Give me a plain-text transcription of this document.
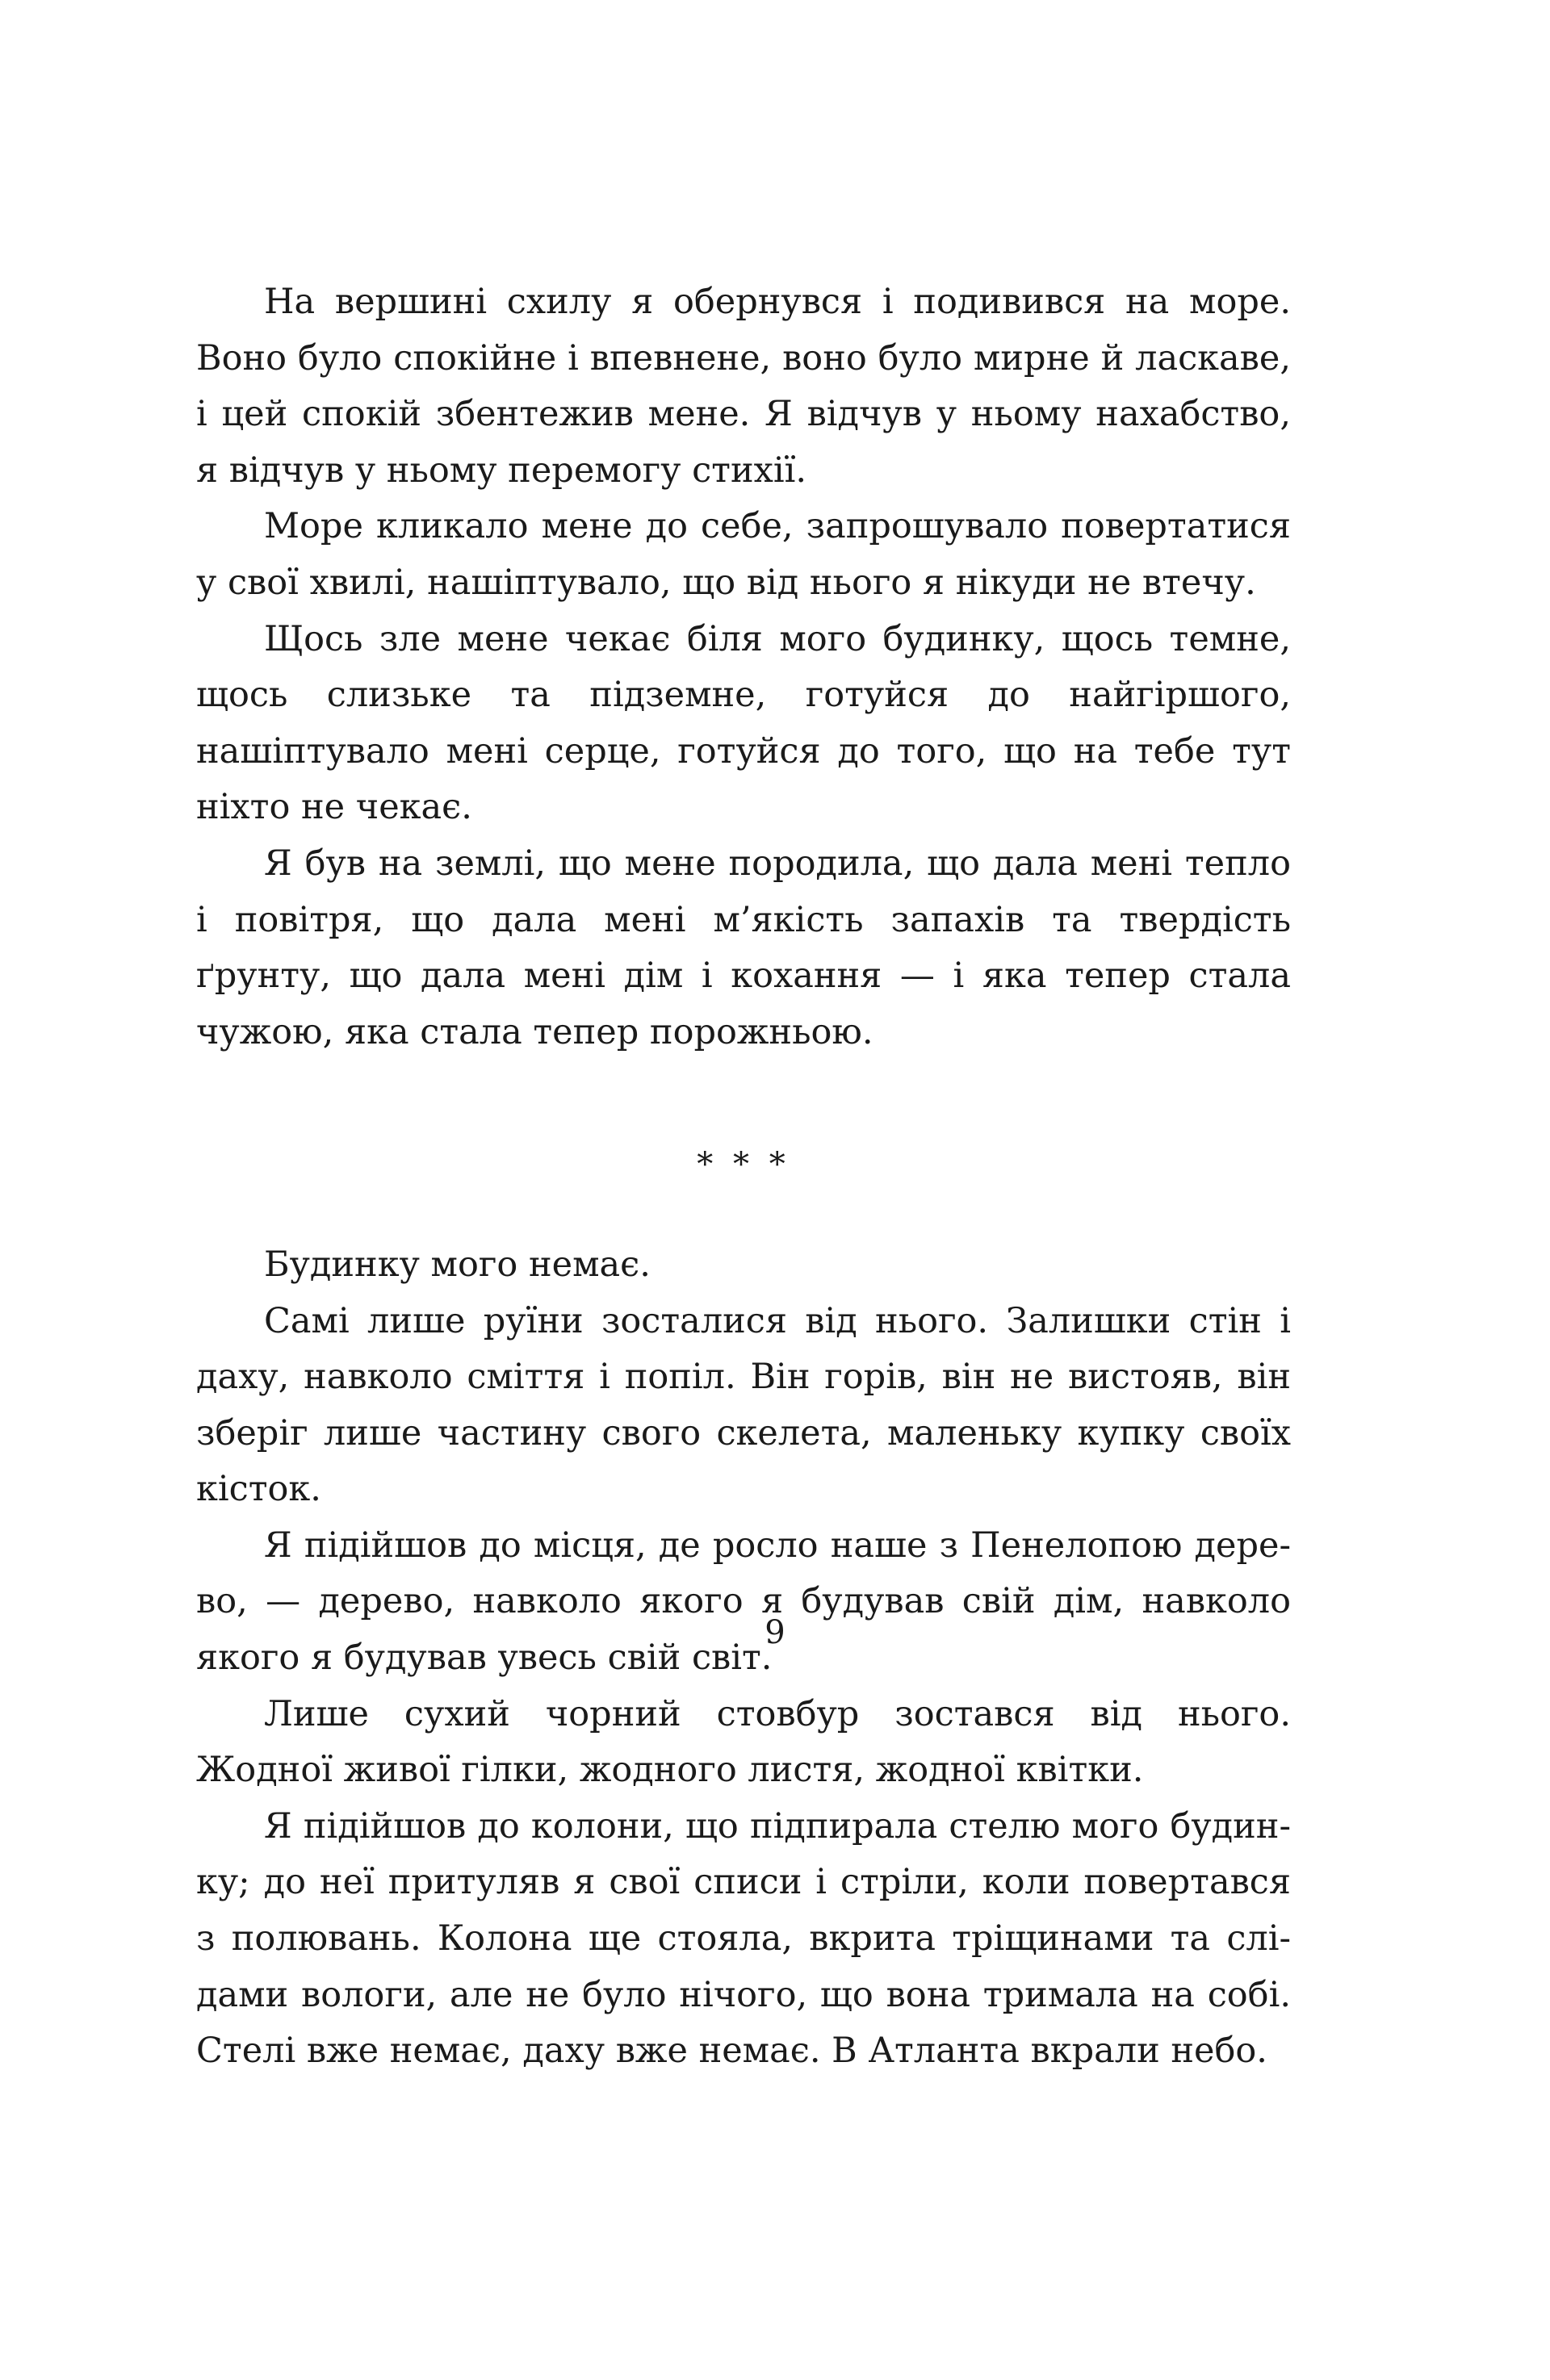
На вершині схилу я обернувся і подивився на море. Воно було спокійне і впевнене, воно було мирне й ласкаве, і цей спокій збентежив мене. Я відчув у ньому нахабство, я відчув у ньому перемогу стихії.

Море кликало мене до себе, запрошувало повертатися у свої хвилі, нашіптувало, що від нього я нікуди не втечу.

Щось зле мене чекає біля мого будинку, щось темне, щось слизьке та підземне, готуйся до найгіршого, нашіптувало мені серце, готуйся до того, що на тебе тут ніхто не чекає.

Я був на землі, що мене породила, що дала мені тепло і повітря, що дала мені м’якість запахів та твердість ґрунту, що дала мені дім і кохання — і яка тепер стала чужою, яка стала тепер порожньою.

* * *

Будинку мого немає.

Самі лише руїни зосталися від нього. Залишки стін і даху, навколо сміття і попіл. Він горів, він не вистояв, він зберіг лише частину свого скелета, маленьку купку своїх кісток.

Я підійшов до місця, де росло наше з Пенелопою дерево, — дерево, навколо якого я будував свій дім, навколо якого я будував увесь свій світ.

Лише сухий чорний стовбур зостався від нього. Жодної живої гілки, жодного листя, жодної квітки.

Я підійшов до колони, що підпирала стелю мого будинку; до неї притуляв я свої списи і стріли, коли повертався з полювань. Колона ще стояла, вкрита тріщинами та слідами вологи, але не було нічого, що вона тримала на собі. Стелі вже немає, даху вже немає. В Атланта вкрали небо.

9
